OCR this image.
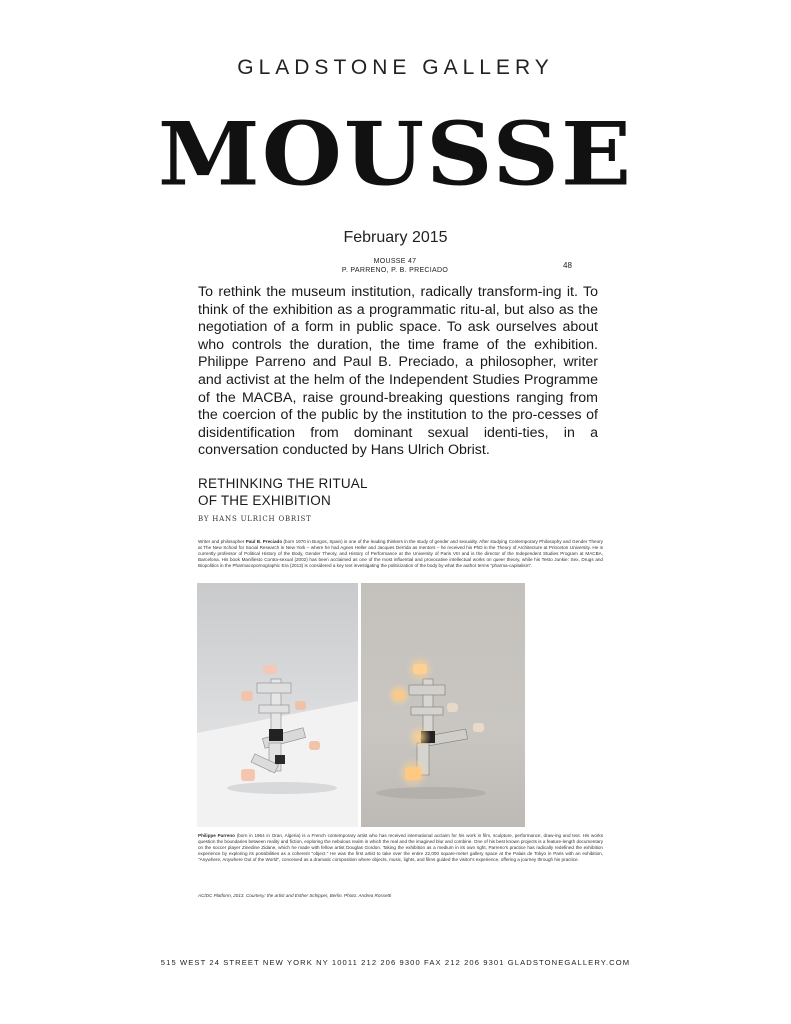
GLADSTONE GALLERY
MOUSSE
February 2015
MOUSSE 47
P. PARRENO, P. B. PRECIADO
48
To rethink the museum institution, radically transform-ing it. To think of the exhibition as a programmatic ritu-al, but also as the negotiation of a form in public space. To ask ourselves about who controls the duration, the time frame of the exhibition. Philippe Parreno and Paul B. Preciado, a philosopher, writer and activist at the helm of the Independent Studies Programme of the MACBA, raise ground-breaking questions ranging from the coercion of the public by the institution to the pro-cesses of disidentification from dominant sexual identi-ties, in a conversation conducted by Hans Ulrich Obrist.
RETHINKING THE RITUAL
OF THE EXHIBITION
BY HANS ULRICH OBRIST
Writer and philosopher Paul B. Preciado (born 1970 in Burgos, Spain) is one of the leading thinkers in the study of gender and sexuality. After studying Contemporary Philosophy and Gender Theory at The New School for Social Research in New York – where he had Agnes Heller and Jacques Derrida as mentors – he received his PhD in the Theory of Architecture at Princeton University. He is currently professor of Political History of the Body, Gender Theory, and History of Performance at the University of Paris VIII and is the director of the Independent Studies Program at MACBA, Barcelona. His book Manifiesto Contra-sexual (2002) has been acclaimed as one of the most influential and provocative intellectual works on queer theory, while his Testo Junkie: Sex, Drugs and Biopolitics in the Pharmacopornographic Era (2013) is considered a key text investigating the politicization of the body by what the author terms "pharma-capitalism".
Philippe Parreno (born in 1964 in Oran, Algeria) is a French contemporary artist who has received international acclaim for his work in film, sculpture, performance, draw-ing and text. His works question the boundaries between reality and fiction, exploring the nebulous realm in which the real and the imagined blur and combine. One of his best known projects is a feature-length documentary on the soccer player Zinedine Zidane, which he made with fellow artist Douglas Gordon. Taking the exhibition as a medium in its own right, Parreno's practice has radically redefined the exhibition experience by exploring its possibilities as a coherent "object." He was the first artist to take over the entire 22,000 square-meter gallery space at the Palais de Tokyo in Paris with an exhibition, "Anywhere, Anywhere Out of the World", conceived as a dramatic composition where objects, music, lights, and films guided the visitor's experience, offering a journey through his practice.
AC/DC Platform, 2013. Courtesy: the artist and Esther Schipper, Berlin. Photo: Andrea Rossetti
515 WEST 24 STREET NEW YORK NY 10011 212 206 9300 FAX 212 206 9301 GLADSTONEGALLERY.COM
